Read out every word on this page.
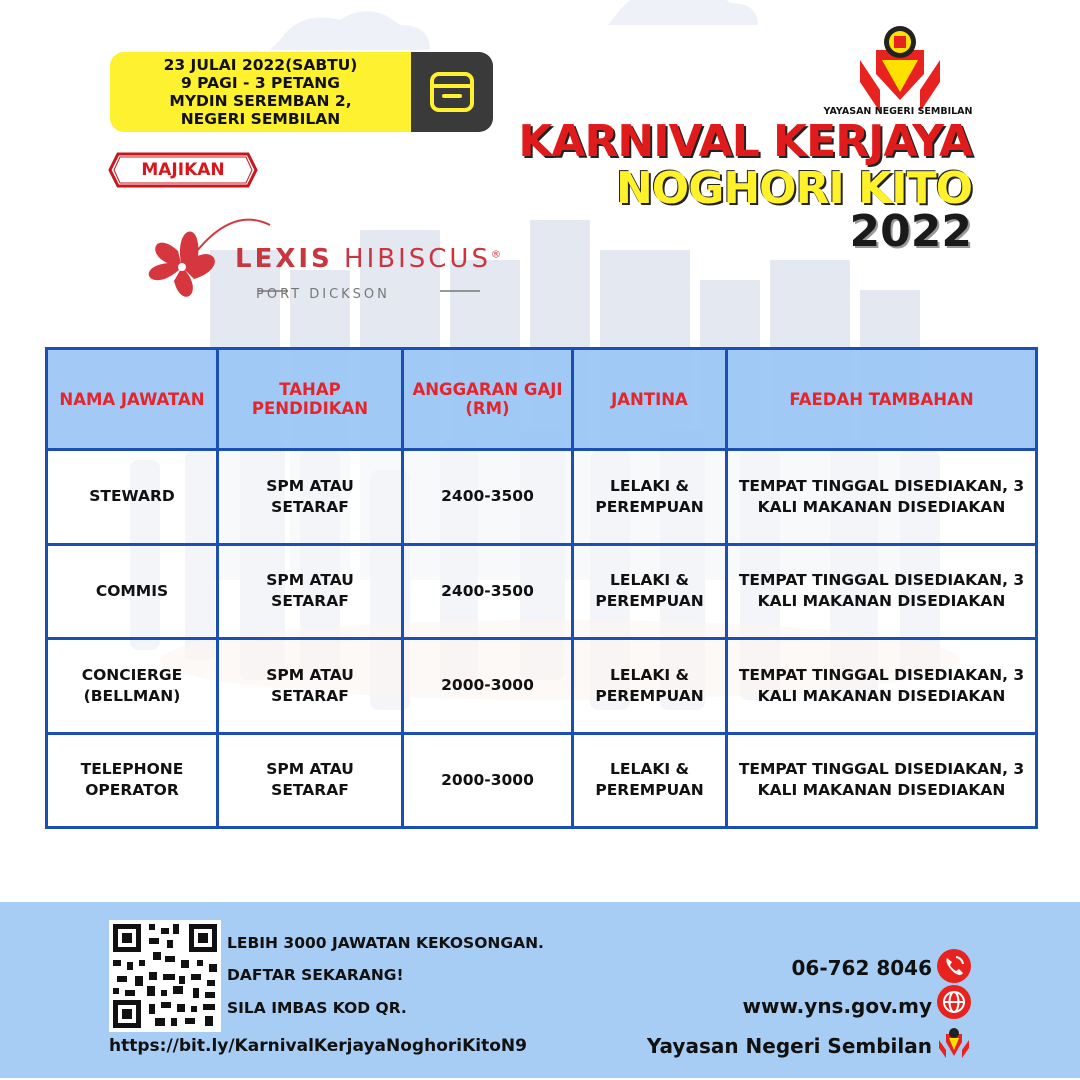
23 JULAI 2022(SABTU)
9 PAGI - 3 PETANG
MYDIN SEREMBAN 2,
NEGERI SEMBILAN
MAJIKAN
YAYASAN NEGERI SEMBILAN
KARNIVAL KERJAYA
NOGHORI KITO
2022
LEXIS HIBISCUS®
PORT DICKSON
NAMA JAWATAN	TAHAP PENDIDIKAN	ANGGARAN GAJI (RM)	JANTINA	FAEDAH TAMBAHAN
STEWARD	SPM ATAU SETARAF	2400-3500	LELAKI & PEREMPUAN	TEMPAT TINGGAL DISEDIAKAN, 3 KALI MAKANAN DISEDIAKAN
COMMIS	SPM ATAU SETARAF	2400-3500	LELAKI & PEREMPUAN	TEMPAT TINGGAL DISEDIAKAN, 3 KALI MAKANAN DISEDIAKAN
CONCIERGE (BELLMAN)	SPM ATAU SETARAF	2000-3000	LELAKI & PEREMPUAN	TEMPAT TINGGAL DISEDIAKAN, 3 KALI MAKANAN DISEDIAKAN
TELEPHONE OPERATOR	SPM ATAU SETARAF	2000-3000	LELAKI & PEREMPUAN	TEMPAT TINGGAL DISEDIAKAN, 3 KALI MAKANAN DISEDIAKAN
LEBIH 3000 JAWATAN KEKOSONGAN.
DAFTAR SEKARANG!
SILA IMBAS KOD QR.
https://bit.ly/KarnivalKerjayaNoghoriKitoN9
06-762 8046
www.yns.gov.my
Yayasan Negeri Sembilan
